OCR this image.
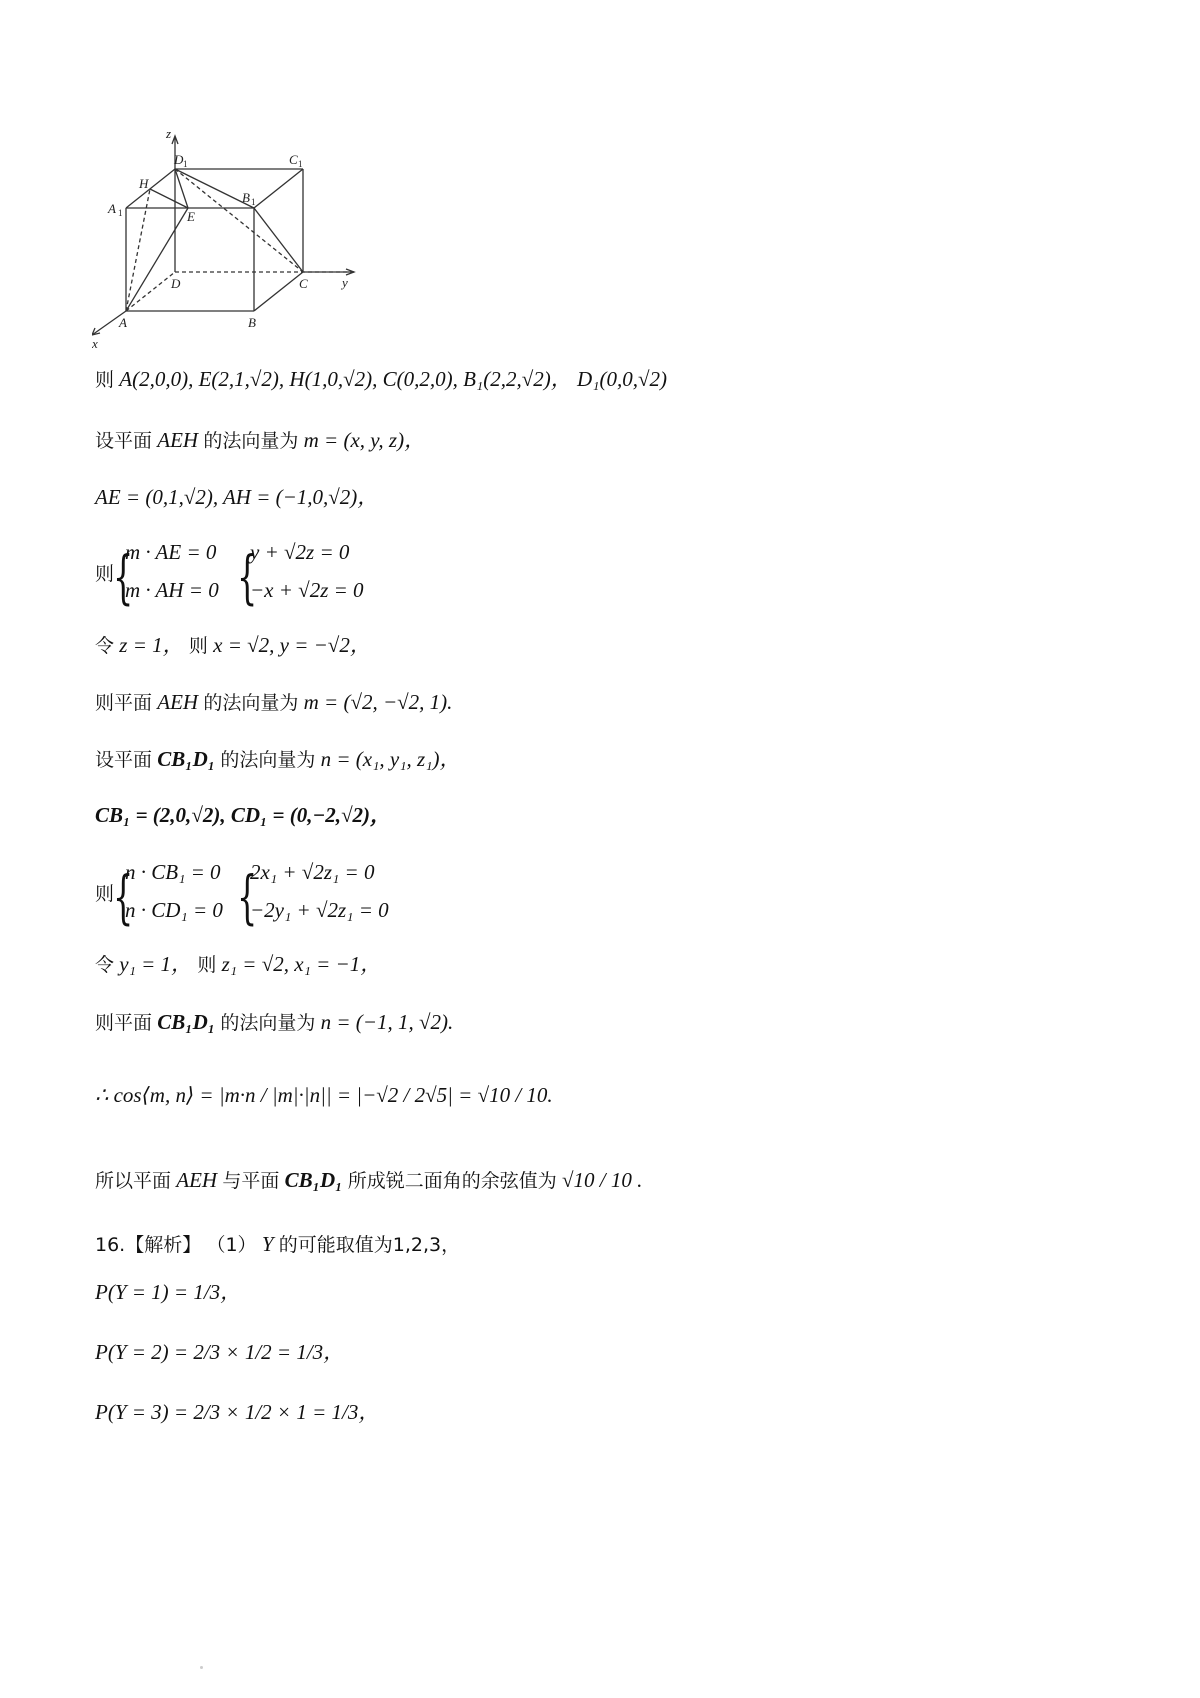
z
y
x
A	B
C
D
A 1
B 1
C 1
D 1
H
E
则 A(2,0,0), E(2,1,√2), H(1,0,√2), C(0,2,0), B₁(2,2,√2)， D₁(0,0,√2)
设平面 AEH 的法向量为 m = (x, y, z)，
AE = (0,1,√2), AH = (−1,0,√2)，
则
{
m · AE = 0
m · AH = 0 {
y + √2z = 0
−x + √2z = 0
令 z = 1， 则 x = √2, y = −√2，
则平面 AEH 的法向量为 m = (√2, −√2, 1).
设平面 CB₁D₁ 的法向量为 n = (x₁, y₁, z₁)，
CB₁ = (2,0,√2), CD₁ = (0,−2,√2)，
则
{
n · CB₁ = 0
n · CD₁ = 0 {
2x₁ + √2z₁ = 0
−2y₁ + √2z₁ = 0
令 y₁ = 1， 则 z₁ = √2, x₁ = −1，
则平面 CB₁D₁ 的法向量为 n = (−1, 1, √2).
∴ cos⟨m, n⟩ = |m·n / |m|·|n|| = |−√2 / 2√5| = √10 / 10.
所以平面 AEH 与平面 CB₁D₁ 所成锐二面角的余弦值为 √10 / 10 .
16.【解析】 （1） Y 的可能取值为1,2,3，
P(Y = 1) = 1/3，
P(Y = 2) = 2/3 × 1/2 = 1/3，
P(Y = 3) = 2/3 × 1/2 × 1 = 1/3，
